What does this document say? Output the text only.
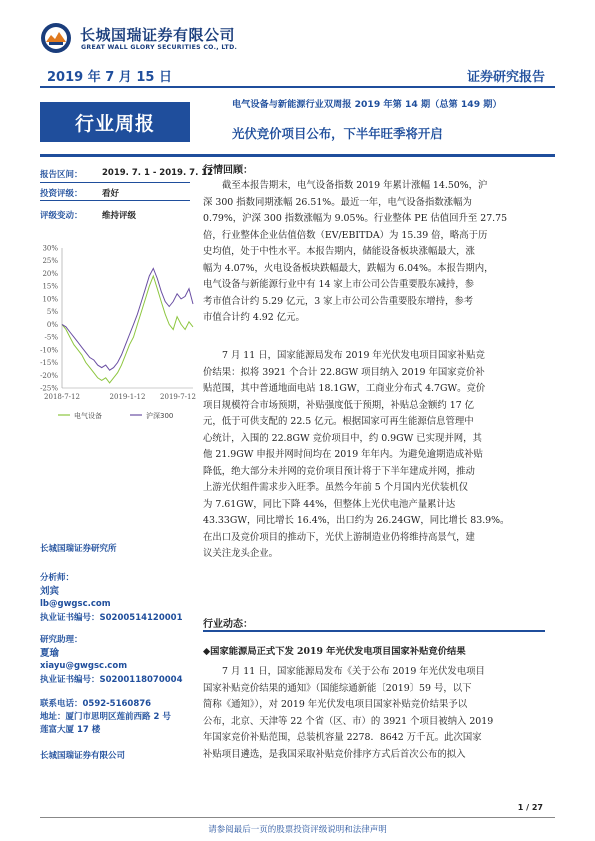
长城国瑞证券有限公司
GREAT WALL GLORY SECURITIES CO., LTD.
2019 年 7 月 15 日	证券研究报告
行业周报
电气设备与新能源行业双周报 2019 年第 14 期（总第 149 期）
光伏竞价项目公布，下半年旺季将开启
报告区间： 2019. 7. 1 - 2019. 7. 12
投资评级： 看好
评级变动： 维持评级
30%
25%
20%
15%
10%
5%
0%
-5%
-10%
-15%
-20%
-25%
2018-7-12	2019-1-12 2019-7-12
电气设备	沪深300
长城国瑞证券研究所
分析师：
刘宾
lb@gwgsc.com
执业证书编号：S0200514120001
研究助理：
夏瑜
xiayu@gwgsc.com
执业证书编号：S0200118070004
联系电话：0592-5160876
地址：厦门市思明区莲前西路 2 号
莲富大厦 17 楼
长城国瑞证券有限公司
行情回顾：
截至本报告期末，电气设备指数 2019 年累计涨幅 14.50%，沪
深 300 指数同期涨幅 26.51%。最近一年，电气设备指数涨幅为
0.79%，沪深 300 指数涨幅为 9.05%。行业整体 PE 估值回升至 27.75
倍，行业整体企业估值倍数（EV/EBITDA）为 15.39 倍，略高于历
史均值，处于中性水平。本报告期内，储能设备板块涨幅最大，涨
幅为 4.07%，火电设备板块跌幅最大，跌幅为 6.04%。本报告期内，
电气设备与新能源行业中有 14 家上市公司公告重要股东减持，参
考市值合计约 5.29 亿元，3 家上市公司公告重要股东增持，参考
市值合计约 4.92 亿元。
7 月 11 日，国家能源局发布 2019 年光伏发电项目国家补贴竞
价结果：拟将 3921 个合计 22.8GW 项目纳入 2019 年国家竞价补
贴范围，其中普通地面电站 18.1GW，工商业分布式 4.7GW。竞价
项目规模符合市场预期，补贴强度低于预期，补贴总金额约 17 亿
元，低于可供支配的 22.5 亿元。根据国家可再生能源信息管理中
心统计，入围的 22.8GW 竞价项目中，约 0.9GW 已实现并网，其
他 21.9GW 申报并网时间均在 2019 年年内。为避免逾期造成补贴
降低，绝大部分未并网的竞价项目预计将于下半年建成并网，推动
上游光伏组件需求步入旺季。虽然今年前 5 个月国内光伏装机仅
为 7.61GW，同比下降 44%，但整体上光伏电池产量累计达
43.33GW，同比增长 16.4%，出口约为 26.24GW，同比增长 83.9%。
在出口及竞价项目的推动下，光伏上游制造业仍将维持高景气，建
议关注龙头企业。
行业动态：
◆国家能源局正式下发 2019 年光伏发电项目国家补贴竞价结果
7 月 11 日，国家能源局发布《关于公布 2019 年光伏发电项目
国家补贴竞价结果的通知》（国能综通新能〔2019〕59 号，以下
简称《通知》），对 2019 年光伏发电项目国家补贴竞价结果予以
公布，北京、天津等 22 个省（区、市）的 3921 个项目被纳入 2019
年国家竞价补贴范围，总装机容量 2278．8642 万千瓦。此次国家
补贴项目遴选，是我国采取补贴竞价排序方式后首次公布的拟入
1 / 27
请参阅最后一页的股票投资评级说明和法律声明
